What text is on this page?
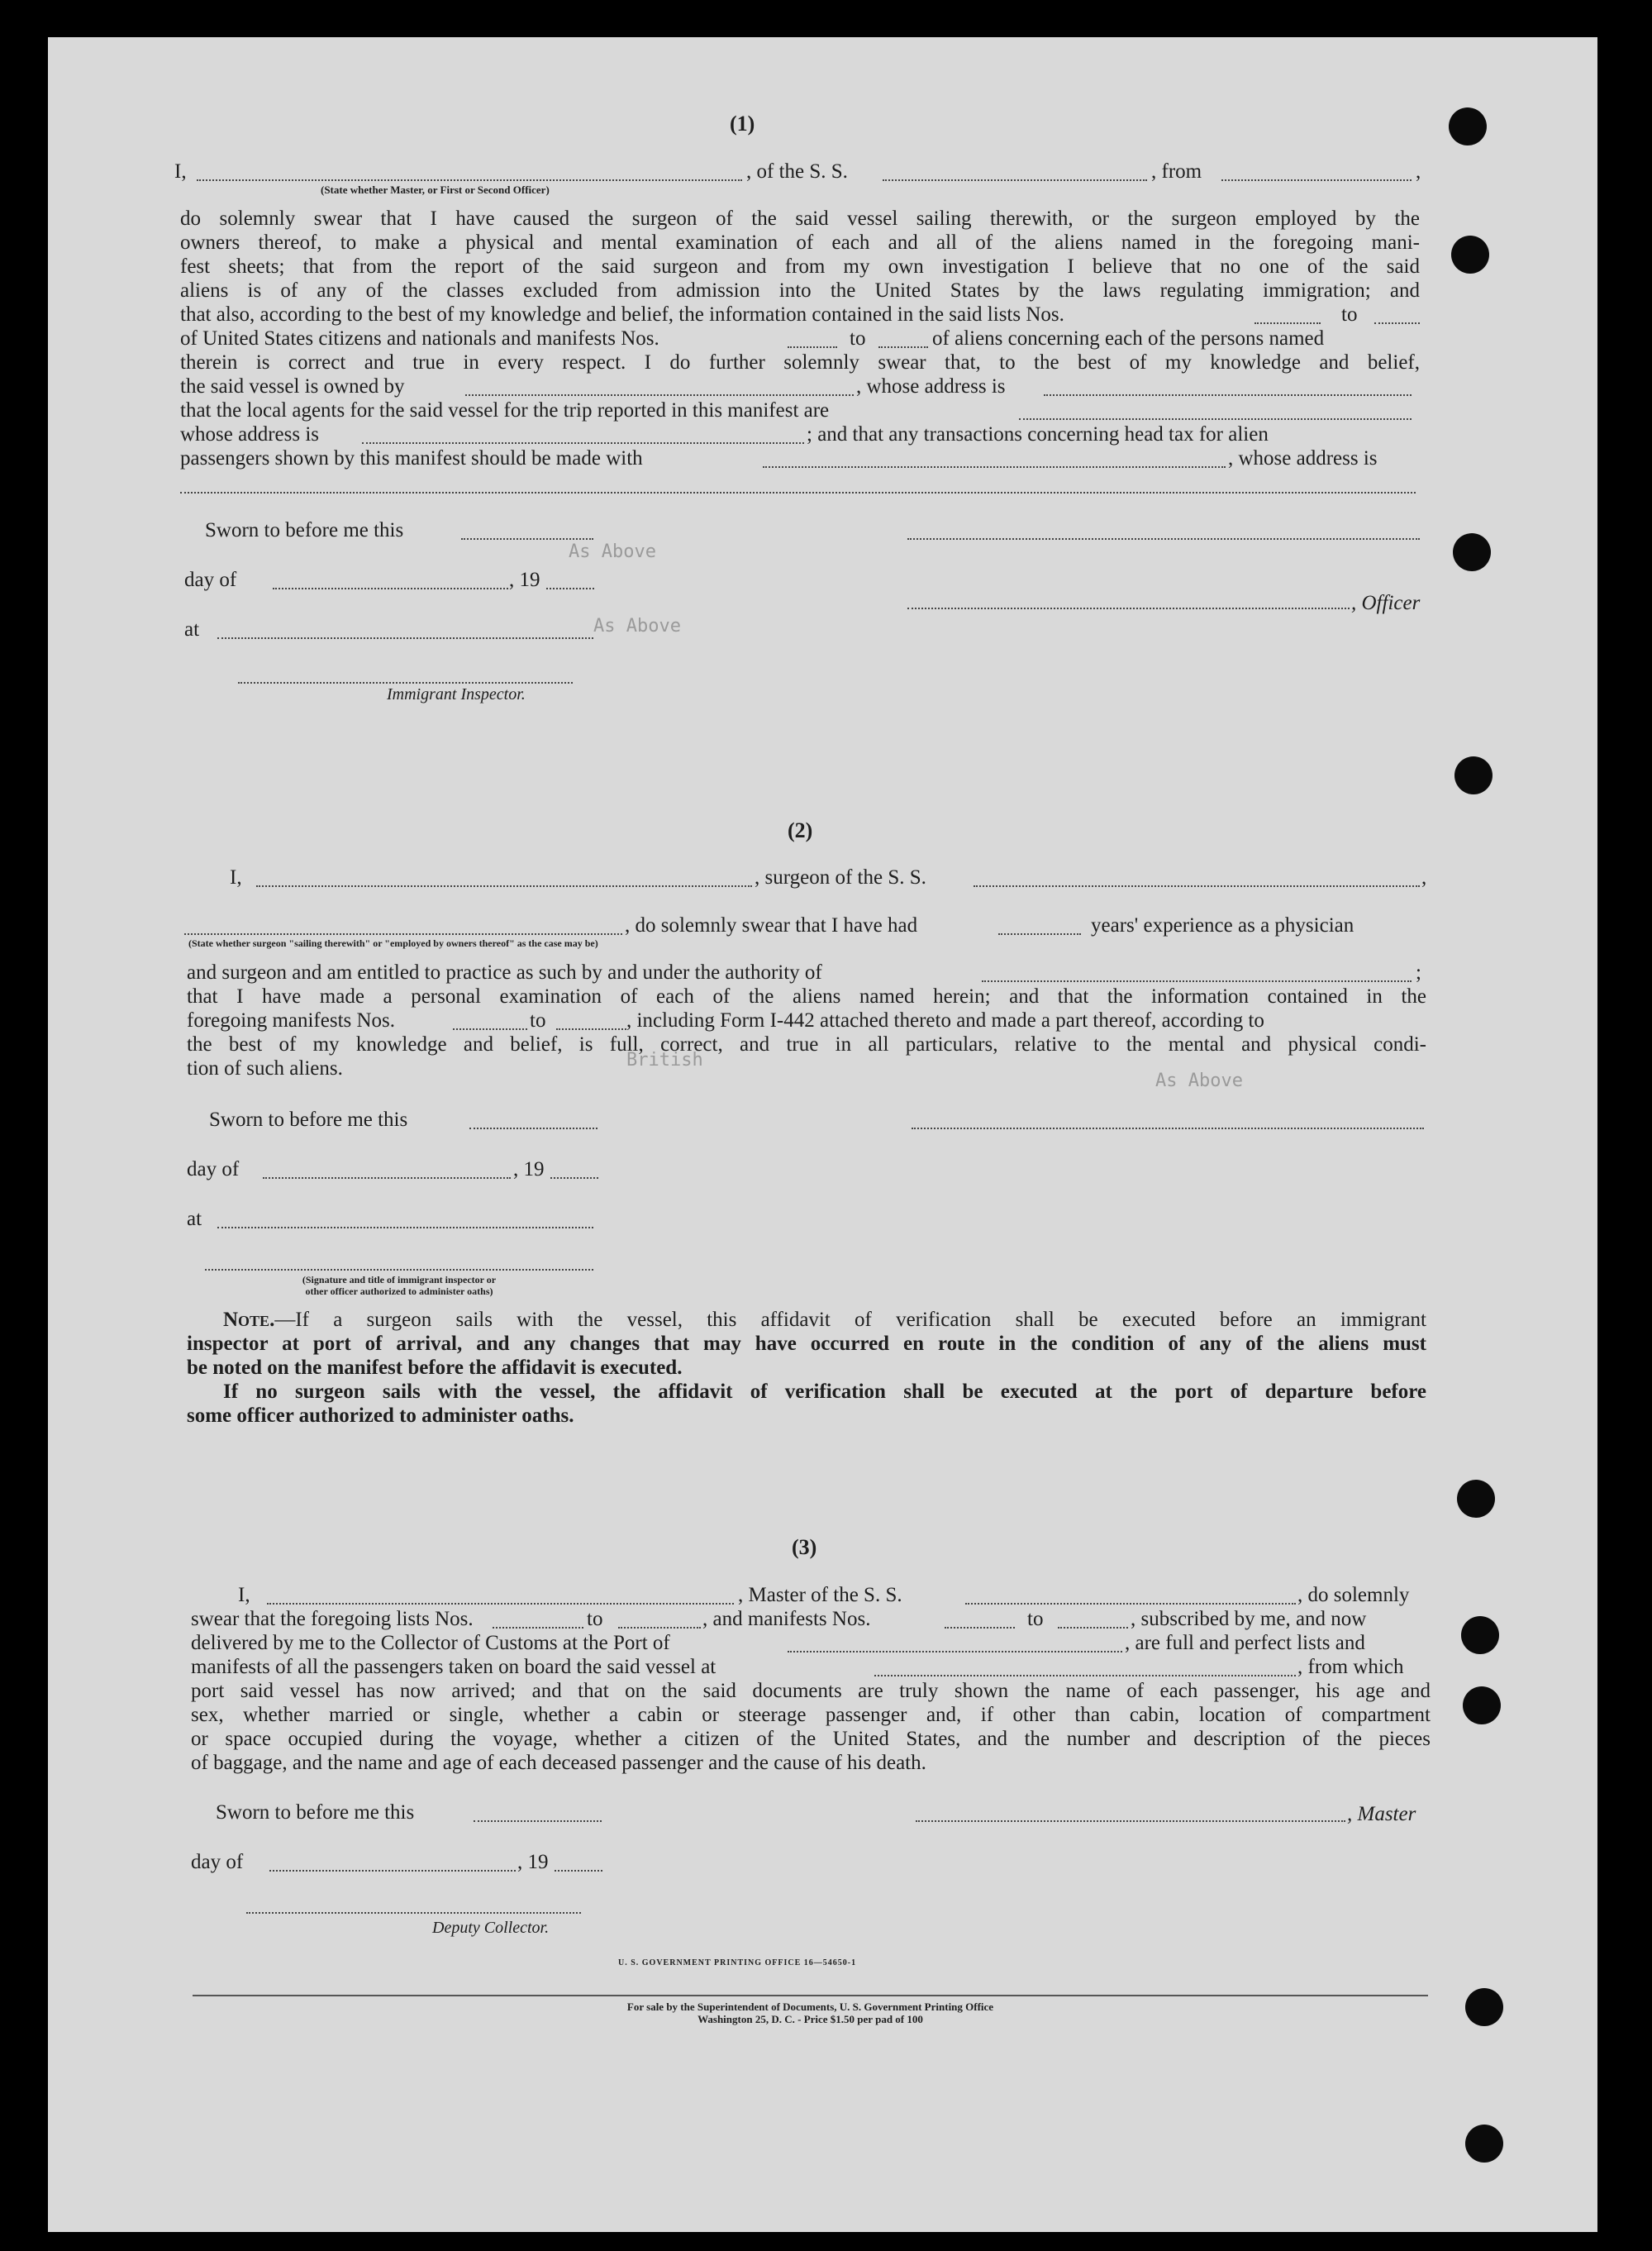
As Above
As Above
British
As Above
(1)
I,	, of the S. S.	, from	,
(State whether Master, or First or Second Officer)
do solemnly swear that I have caused the surgeon of the said vessel sailing therewith, or the surgeon employed by the
owners thereof, to make a physical and mental examination of each and all of the aliens named in the foregoing mani-
fest sheets; that from the report of the said surgeon and from my own investigation I believe that no one of the said
aliens is of any of the classes excluded from admission into the United States by the laws regulating immigration; and
that also, according to the best of my knowledge and belief, the information contained in the said lists Nos.	to
of United States citizens and nationals and manifests Nos.	to	of aliens concerning each of the persons named
therein is correct and true in every respect. I do further solemnly swear that, to the best of my knowledge and belief,
the said vessel is owned by	, whose address is
that the local agents for the said vessel for the trip reported in this manifest are
whose address is	; and that any transactions concerning head tax for alien
passengers shown by this manifest should be made with	, whose address is
Sworn to before me this
day of	, 19
, Officer
at
Immigrant Inspector.
(2)
I,	, surgeon of the S. S.	,
, do solemnly swear that I have had	years' experience as a physician
(State whether surgeon "sailing therewith" or "employed by owners thereof" as the case may be)
and surgeon and am entitled to practice as such by and under the authority of	;
that I have made a personal examination of each of the aliens named herein; and that the information contained in the
foregoing manifests Nos.	to	, including Form I-442 attached thereto and made a part thereof, according to
the best of my knowledge and belief, is full, correct, and true in all particulars, relative to the mental and physical condi-
tion of such aliens.
Sworn to before me this
day of	, 19
at
(Signature and title of immigrant inspector or
other officer authorized to administer oaths)
Note.—If a surgeon sails with the vessel, this affidavit of verification shall be executed before an immigrant
inspector at port of arrival, and any changes that may have occurred en route in the condition of any of the aliens must
be noted on the manifest before the affidavit is executed.
If no surgeon sails with the vessel, the affidavit of verification shall be executed at the port of departure before
some officer authorized to administer oaths.
(3)
I,	, Master of the S. S.	, do solemnly
swear that the foregoing lists Nos.	to	, and manifests Nos.	to	, subscribed by me, and now
delivered by me to the Collector of Customs at the Port of	, are full and perfect lists and
manifests of all the passengers taken on board the said vessel at	, from which
port said vessel has now arrived; and that on the said documents are truly shown the name of each passenger, his age and
sex, whether married or single, whether a cabin or steerage passenger and, if other than cabin, location of compartment
or space occupied during the voyage, whether a citizen of the United States, and the number and description of the pieces
of baggage, and the name and age of each deceased passenger and the cause of his death.
Sworn to before me this	, Master
day of	, 19
Deputy Collector.
U. S. GOVERNMENT PRINTING OFFICE 16—54650-1
For sale by the Superintendent of Documents, U. S. Government Printing Office
Washington 25, D. C. - Price $1.50 per pad of 100
